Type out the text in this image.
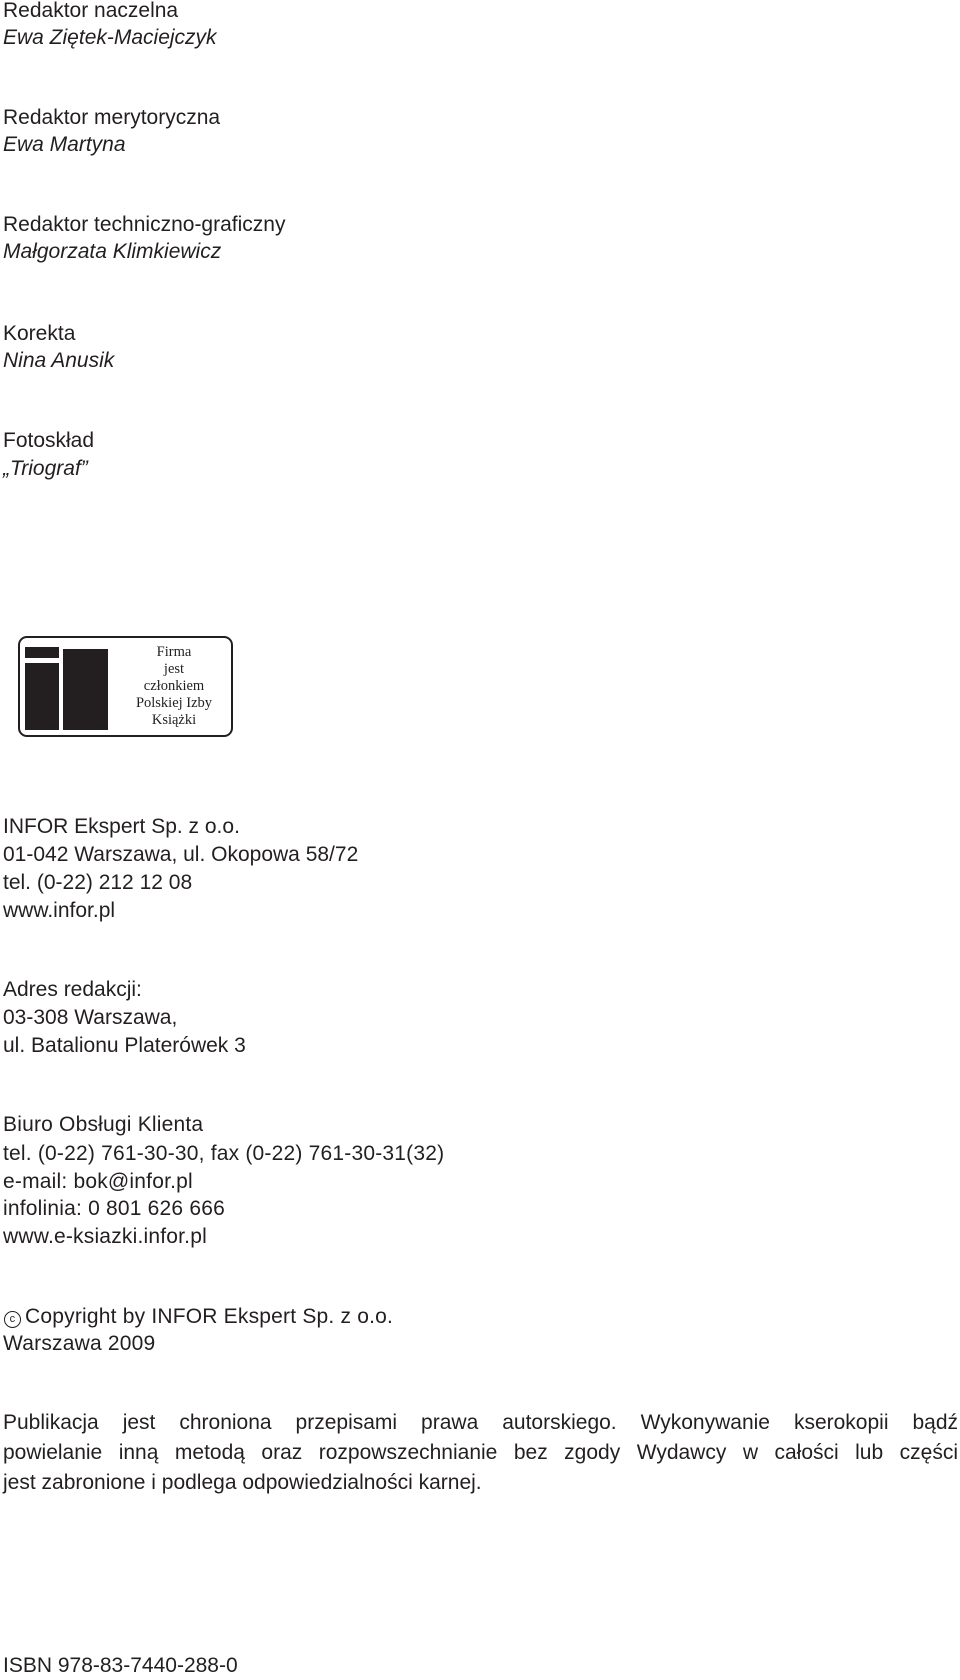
Redaktor naczelna
Ewa Ziętek-Maciejczyk
Redaktor merytoryczna
Ewa Martyna
Redaktor techniczno-graficzny
Małgorzata Klimkiewicz
Korekta
Nina Anusik
Fotoskład
„Triograf”
Firma
jest
członkiem
Polskiej Izby
Książki
INFOR Ekspert Sp. z o.o.
01-042 Warszawa, ul. Okopowa 58/72
tel. (0-22) 212 12 08
www.infor.pl
Adres redakcji:
03-308 Warszawa,
ul. Batalionu Platerówek 3
Biuro Obsługi Klienta
tel. (0-22) 761-30-30, fax (0-22) 761-30-31(32)
e-mail: bok@infor.pl
infolinia: 0 801 626 666
www.e-ksiazki.infor.pl
c Copyright by INFOR Ekspert Sp. z o.o.
Warszawa 2009
Publikacja jest chroniona przepisami prawa autorskiego. Wykonywanie kserokopii bądź
powielanie inną metodą oraz rozpowszechnianie bez zgody Wydawcy w całości lub części
jest zabronione i podlega odpowiedzialności karnej.
ISBN 978-83-7440-288-0
